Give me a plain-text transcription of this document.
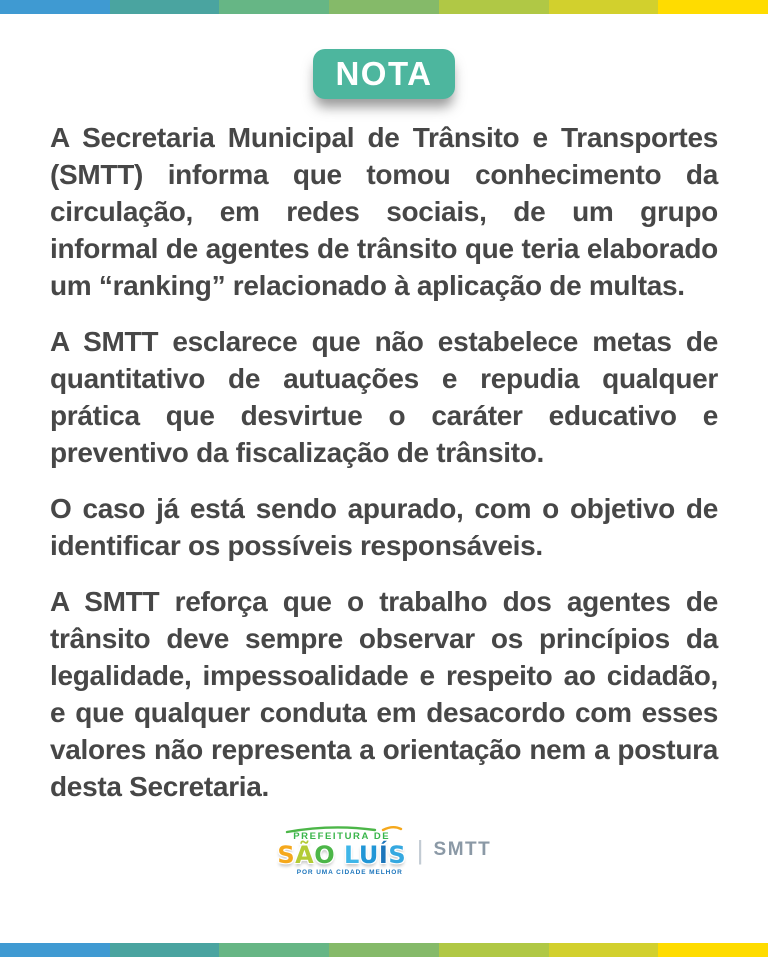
NOTA

A Secretaria Municipal de Trânsito e Transportes (SMTT) informa que tomou conhecimento da circulação, em redes sociais, de um grupo informal de agentes de trânsito que teria elaborado um “ranking” relacionado à aplicação de multas.

A SMTT esclarece que não estabelece metas de quantitativo de autuações e repudia qualquer prática que desvirtue o caráter educativo e preventivo da fiscalização de trânsito.

O caso já está sendo apurado, com o objetivo de identificar os possíveis responsáveis.

A SMTT reforça que o trabalho dos agentes de trânsito deve sempre observar os princípios da legalidade, impessoalidade e respeito ao cidadão, e que qualquer conduta em desacordo com esses valores não representa a orientação nem a postura desta Secretaria.

PREFEITURA DE
SÃO LUÍS
POR UMA CIDADE MELHOR
| SMTT
